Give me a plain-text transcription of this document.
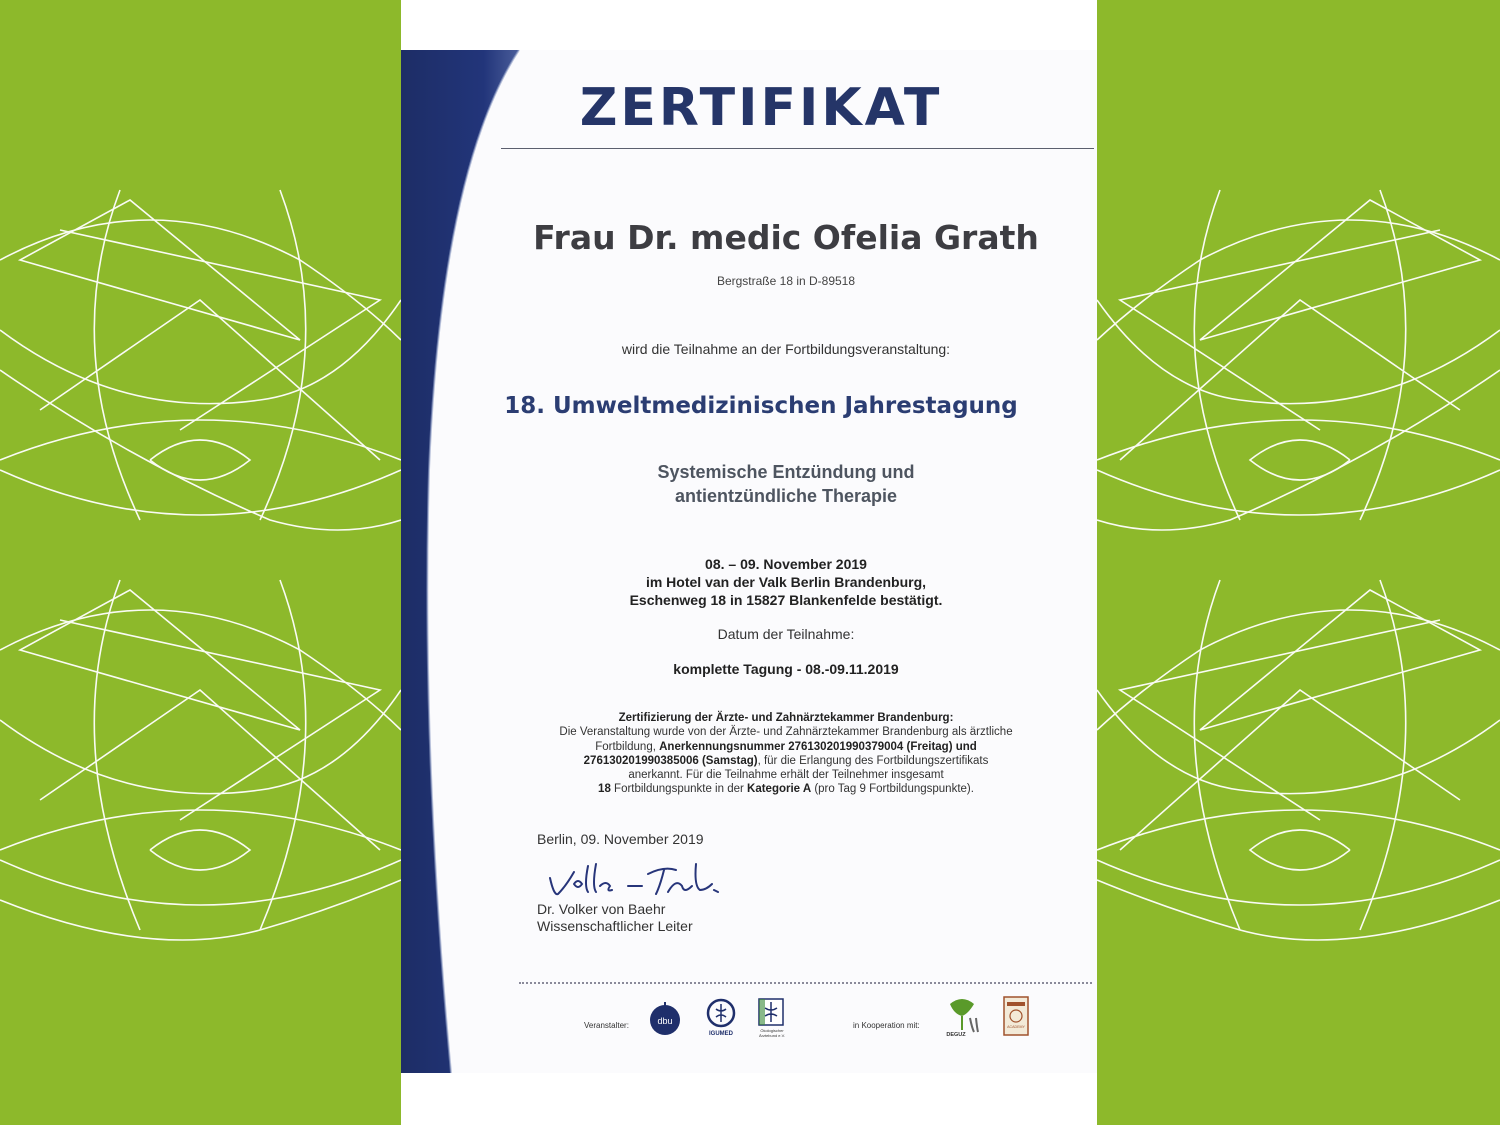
ZERTIFIKAT
Frau Dr. medic Ofelia Grath
Bergstraße 18 in D-89518
wird die Teilnahme an der Fortbildungsveranstaltung:
18. Umweltmedizinischen Jahrestagung
Systemische Entzündung und
antientzündliche Therapie
08. – 09. November 2019
im Hotel van der Valk Berlin Brandenburg,
Eschenweg 18 in 15827 Blankenfelde bestätigt.
Datum der Teilnahme:
komplette Tagung - 08.-09.11.2019
Zertifizierung der Ärzte- und Zahnärztekammer Brandenburg:
Die Veranstaltung wurde von der Ärzte- und Zahnärztekammer Brandenburg als ärztliche
Fortbildung, Anerkennungsnummer 276130201990379004 (Freitag) und
276130201990385006 (Samstag), für die Erlangung des Fortbildungszertifikats
anerkannt. Für die Teilnahme erhält der Teilnehmer insgesamt
18 Fortbildungspunkte in der Kategorie A (pro Tag 9 Fortbildungspunkte).
Berlin, 09. November 2019
Dr. Volker von Baehr
Wissenschaftlicher Leiter
Veranstalter:	dbu
IGUMED
Ökologischer Ärztebund e.V.
in Kooperation mit:
DEGUZ
ACADEMY
